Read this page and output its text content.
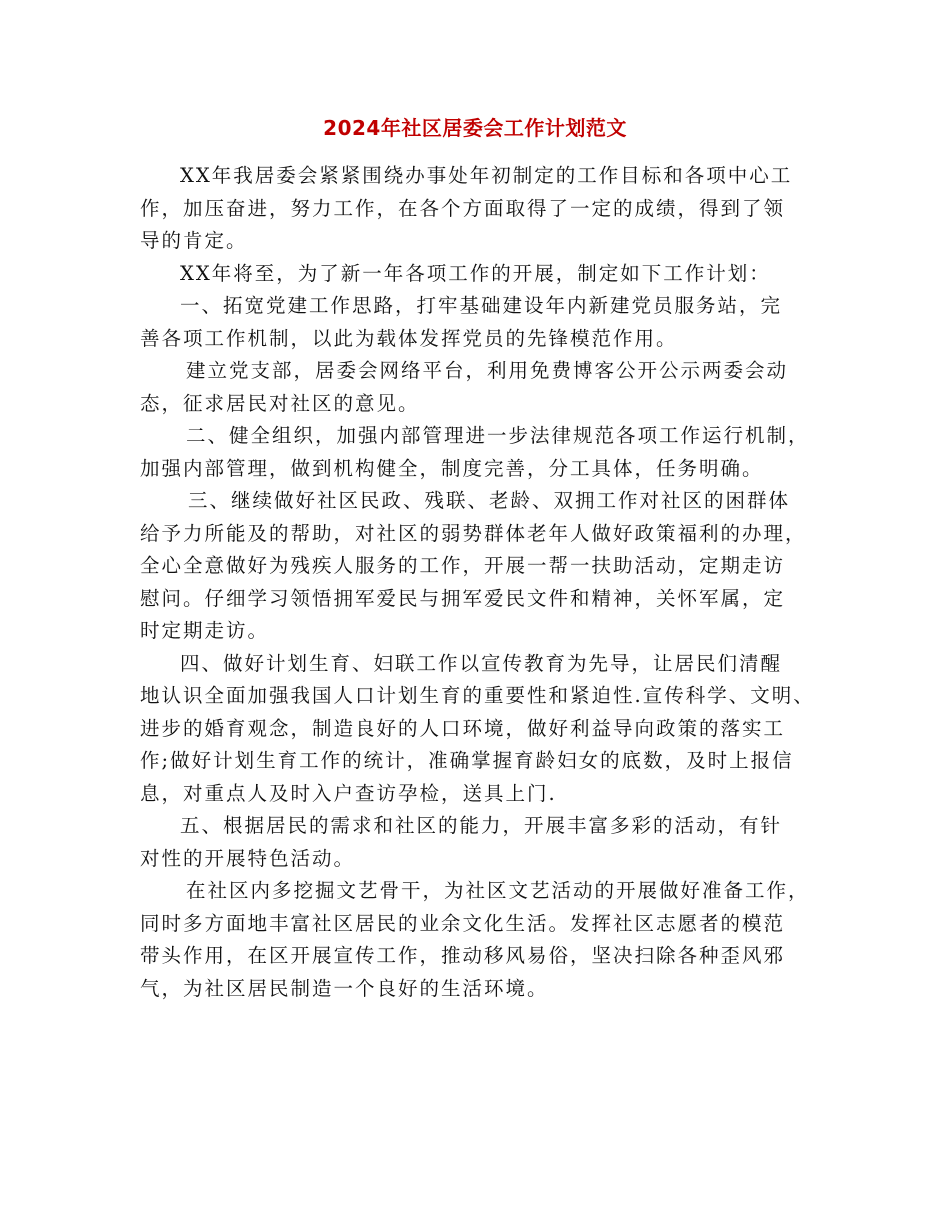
2024年社区居委会工作计划范文
XX年我居委会紧紧围绕办事处年初制定的工作目标和各项中心工
作，加压奋进，努力工作，在各个方面取得了一定的成绩，得到了领
导的肯定。
XX年将至，为了新一年各项工作的开展，制定如下工作计划：
一、拓宽党建工作思路，打牢基础建设年内新建党员服务站，完
善各项工作机制，以此为载体发挥党员的先锋模范作用。
建立党支部，居委会网络平台，利用免费博客公开公示两委会动
态，征求居民对社区的意见。
二、健全组织，加强内部管理进一步法律规范各项工作运行机制，
加强内部管理，做到机构健全，制度完善，分工具体，任务明确。
三、继续做好社区民政、残联、老龄、双拥工作对社区的困群体
给予力所能及的帮助，对社区的弱势群体老年人做好政策福利的办理，
全心全意做好为残疾人服务的工作，开展一帮一扶助活动，定期走访
慰问。仔细学习领悟拥军爱民与拥军爱民文件和精神，关怀军属，定
时定期走访。
四、做好计划生育、妇联工作以宣传教育为先导，让居民们清醒
地认识全面加强我国人口计划生育的重要性和紧迫性.宣传科学、文明、
进步的婚育观念，制造良好的人口环境，做好利益导向政策的落实工
作;做好计划生育工作的统计，准确掌握育龄妇女的底数，及时上报信
息，对重点人及时入户查访孕检，送具上门.
五、根据居民的需求和社区的能力，开展丰富多彩的活动，有针
对性的开展特色活动。
在社区内多挖掘文艺骨干，为社区文艺活动的开展做好准备工作，
同时多方面地丰富社区居民的业余文化生活。发挥社区志愿者的模范
带头作用，在区开展宣传工作，推动移风易俗，坚决扫除各种歪风邪
气，为社区居民制造一个良好的生活环境。
